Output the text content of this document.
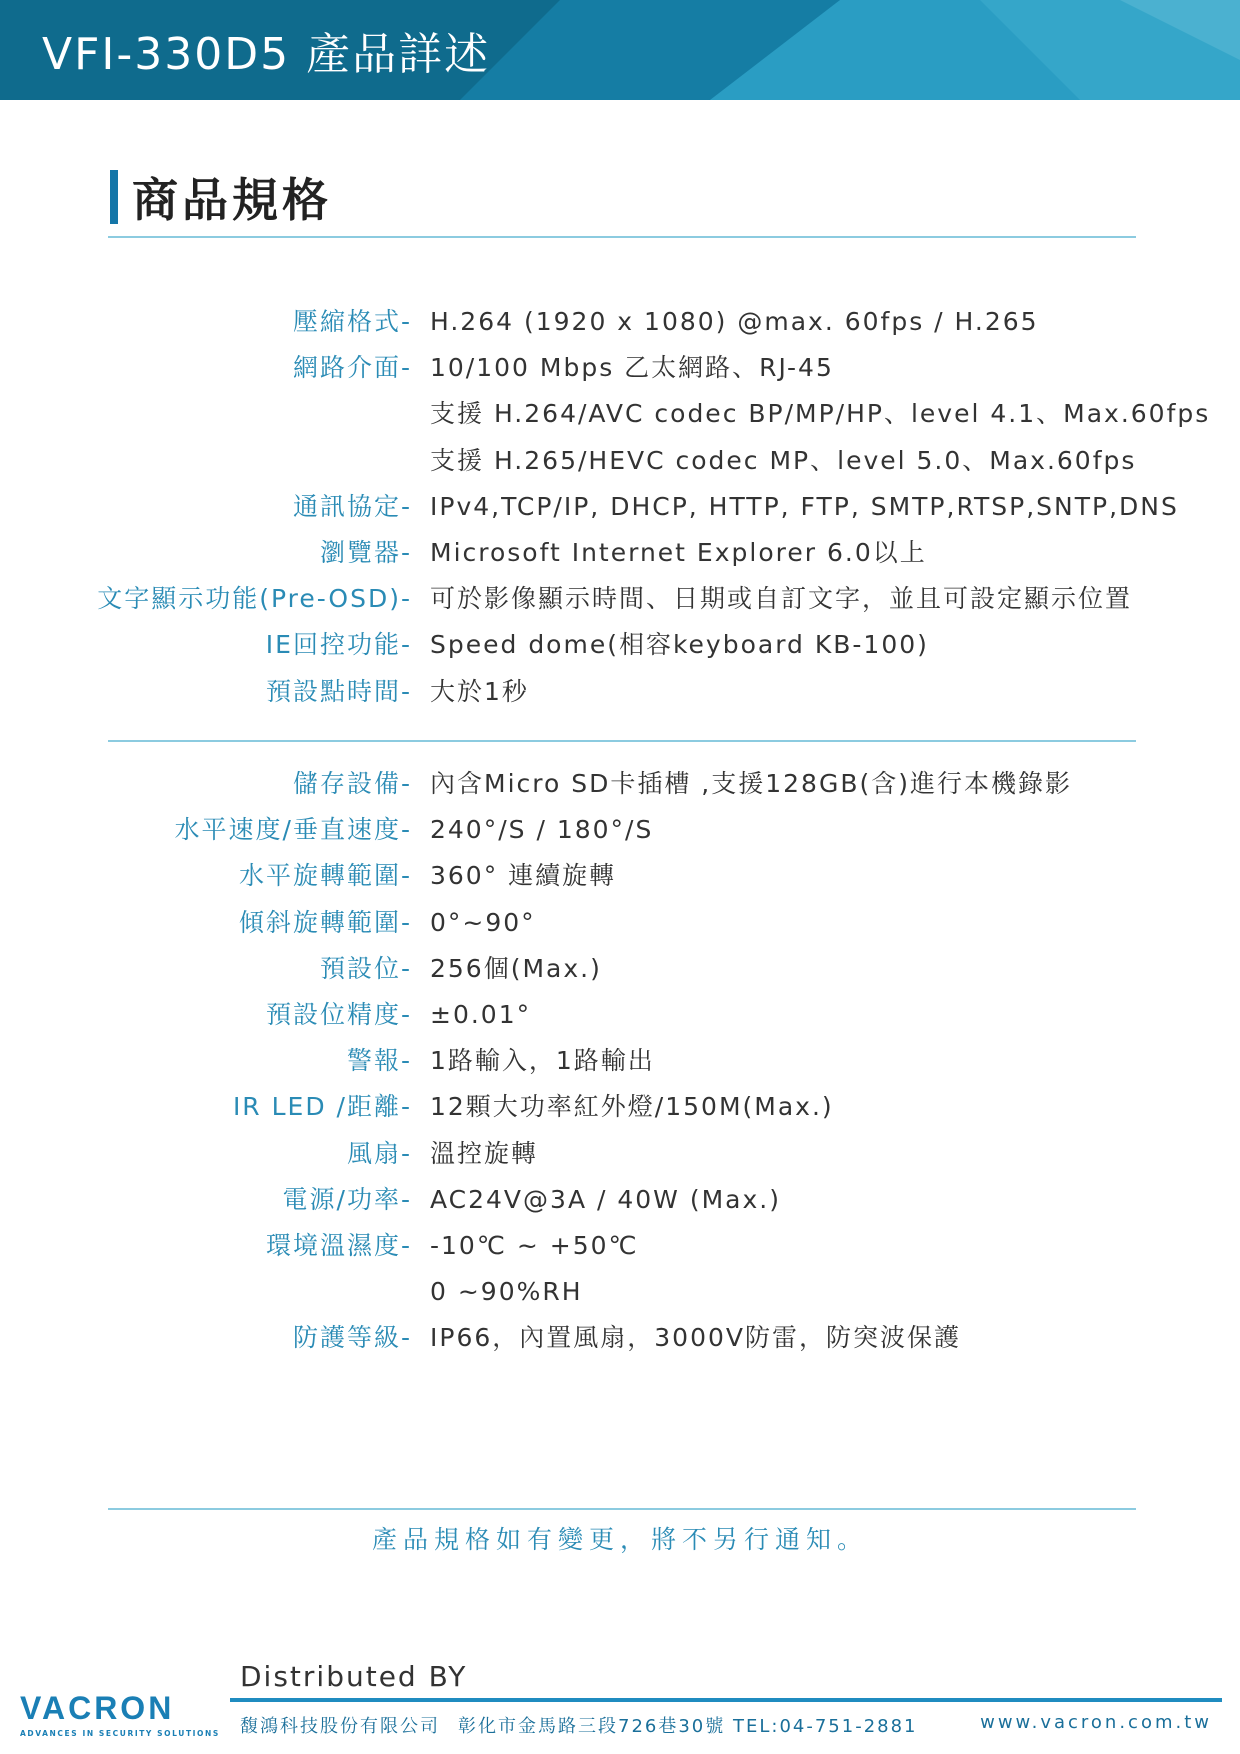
VFI-330D5 產品詳述
商品規格
壓縮格式- H.264 (1920 x 1080) @max. 60fps / H.265
網路介面- 10/100 Mbps 乙太網路、RJ-45
支援 H.264/AVC codec BP/MP/HP、level 4.1、Max.60fps
支援 H.265/HEVC codec MP、level 5.0、Max.60fps
通訊協定- IPv4,TCP/IP, DHCP, HTTP, FTP, SMTP,RTSP,SNTP,DNS
瀏覽器- Microsoft Internet Explorer 6.0以上
文字顯示功能(Pre-OSD)- 可於影像顯示時間、日期或自訂文字，並且可設定顯示位置
IE回控功能- Speed dome(相容keyboard KB-100)
預設點時間- 大於1秒
儲存設備- 內含Micro SD卡插槽 ,支援128GB(含)進行本機錄影
水平速度/垂直速度- 240°/S / 180°/S
水平旋轉範圍- 360° 連續旋轉
傾斜旋轉範圍- 0°~90°
預設位- 256個(Max.)
預設位精度- ±0.01°
警報- 1路輸入，1路輸出
IR LED /距離- 12顆大功率紅外燈/150M(Max.)
風扇- 溫控旋轉
電源/功率- AC24V@3A / 40W (Max.)
環境溫濕度- -10℃ ~ +50℃
0 ~90%RH
防護等級- IP66，內置風扇，3000V防雷，防突波保護
產品規格如有變更，將不另行通知。
Distributed BY
VACRON
ADVANCES IN SECURITY SOLUTIONS 馥鴻科技股份有限公司 彰化市金馬路三段726巷30號 TEL:04-751-2881	www.vacron.com.tw
